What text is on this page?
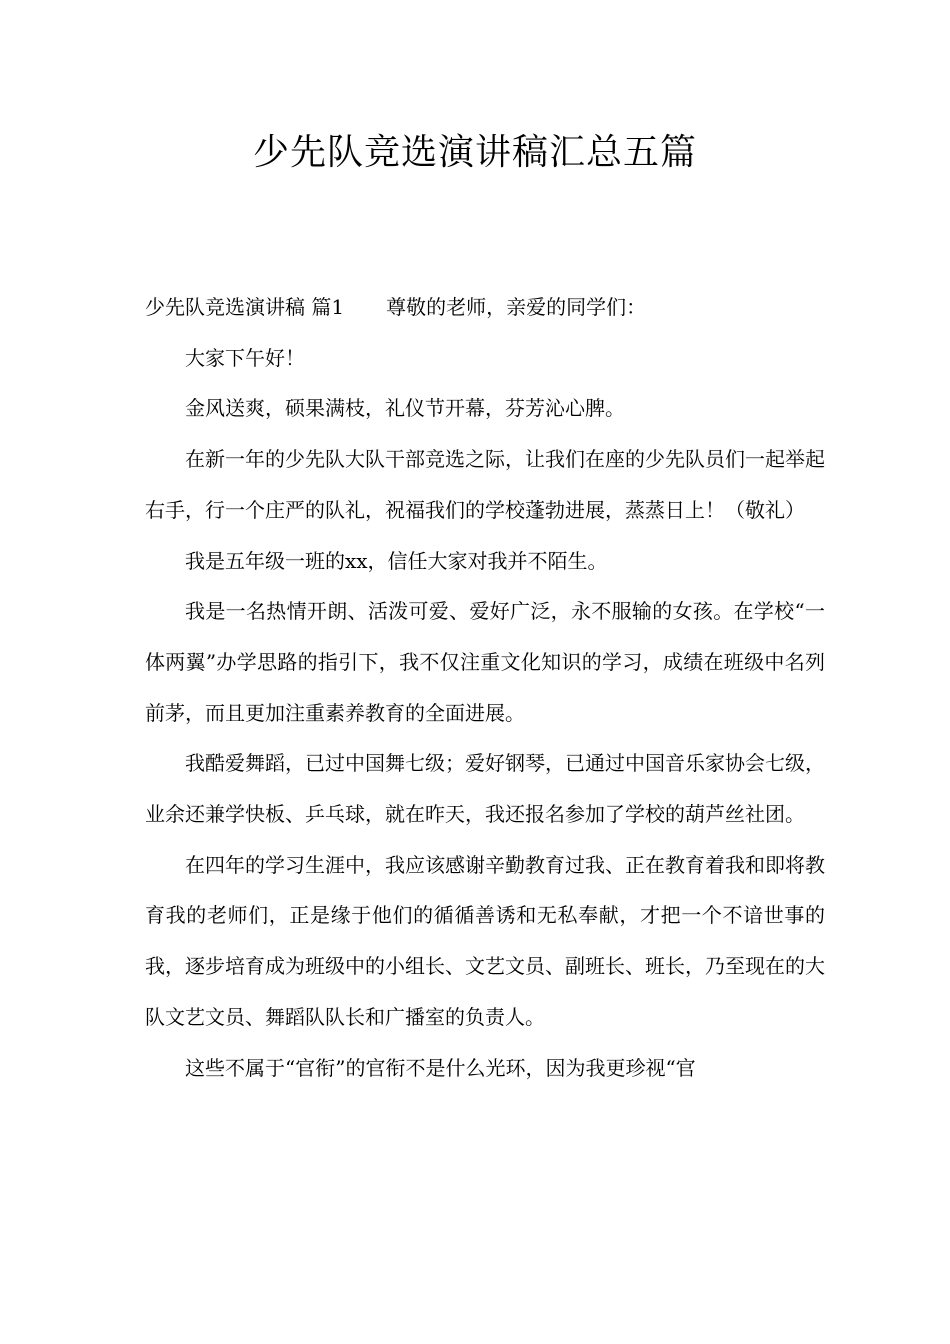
少先队竞选演讲稿汇总五篇

少先队竞选演讲稿 篇1 尊敬的老师，亲爱的同学们：

大家下午好！

金风送爽，硕果满枝，礼仪节开幕，芬芳沁心脾。

在新一年的少先队大队干部竞选之际，让我们在座的少先队员们一起举起右手，行一个庄严的队礼，祝福我们的学校蓬勃进展，蒸蒸日上！（敬礼）

我是五年级一班的xx，信任大家对我并不陌生。

我是一名热情开朗、活泼可爱、爱好广泛，永不服输的女孩。在学校“一体两翼”办学思路的指引下，我不仅注重文化知识的学习，成绩在班级中名列前茅，而且更加注重素养教育的全面进展。

我酷爱舞蹈，已过中国舞七级；爱好钢琴，已通过中国音乐家协会七级，业余还兼学快板、乒乓球，就在昨天，我还报名参加了学校的葫芦丝社团。

在四年的学习生涯中，我应该感谢辛勤教育过我、正在教育着我和即将教育我的老师们，正是缘于他们的循循善诱和无私奉献，才把一个不谙世事的我，逐步培育成为班级中的小组长、文艺文员、副班长、班长，乃至现在的大队文艺文员、舞蹈队队长和广播室的负责人。

这些不属于“官衔”的官衔不是什么光环，因为我更珍视“官
